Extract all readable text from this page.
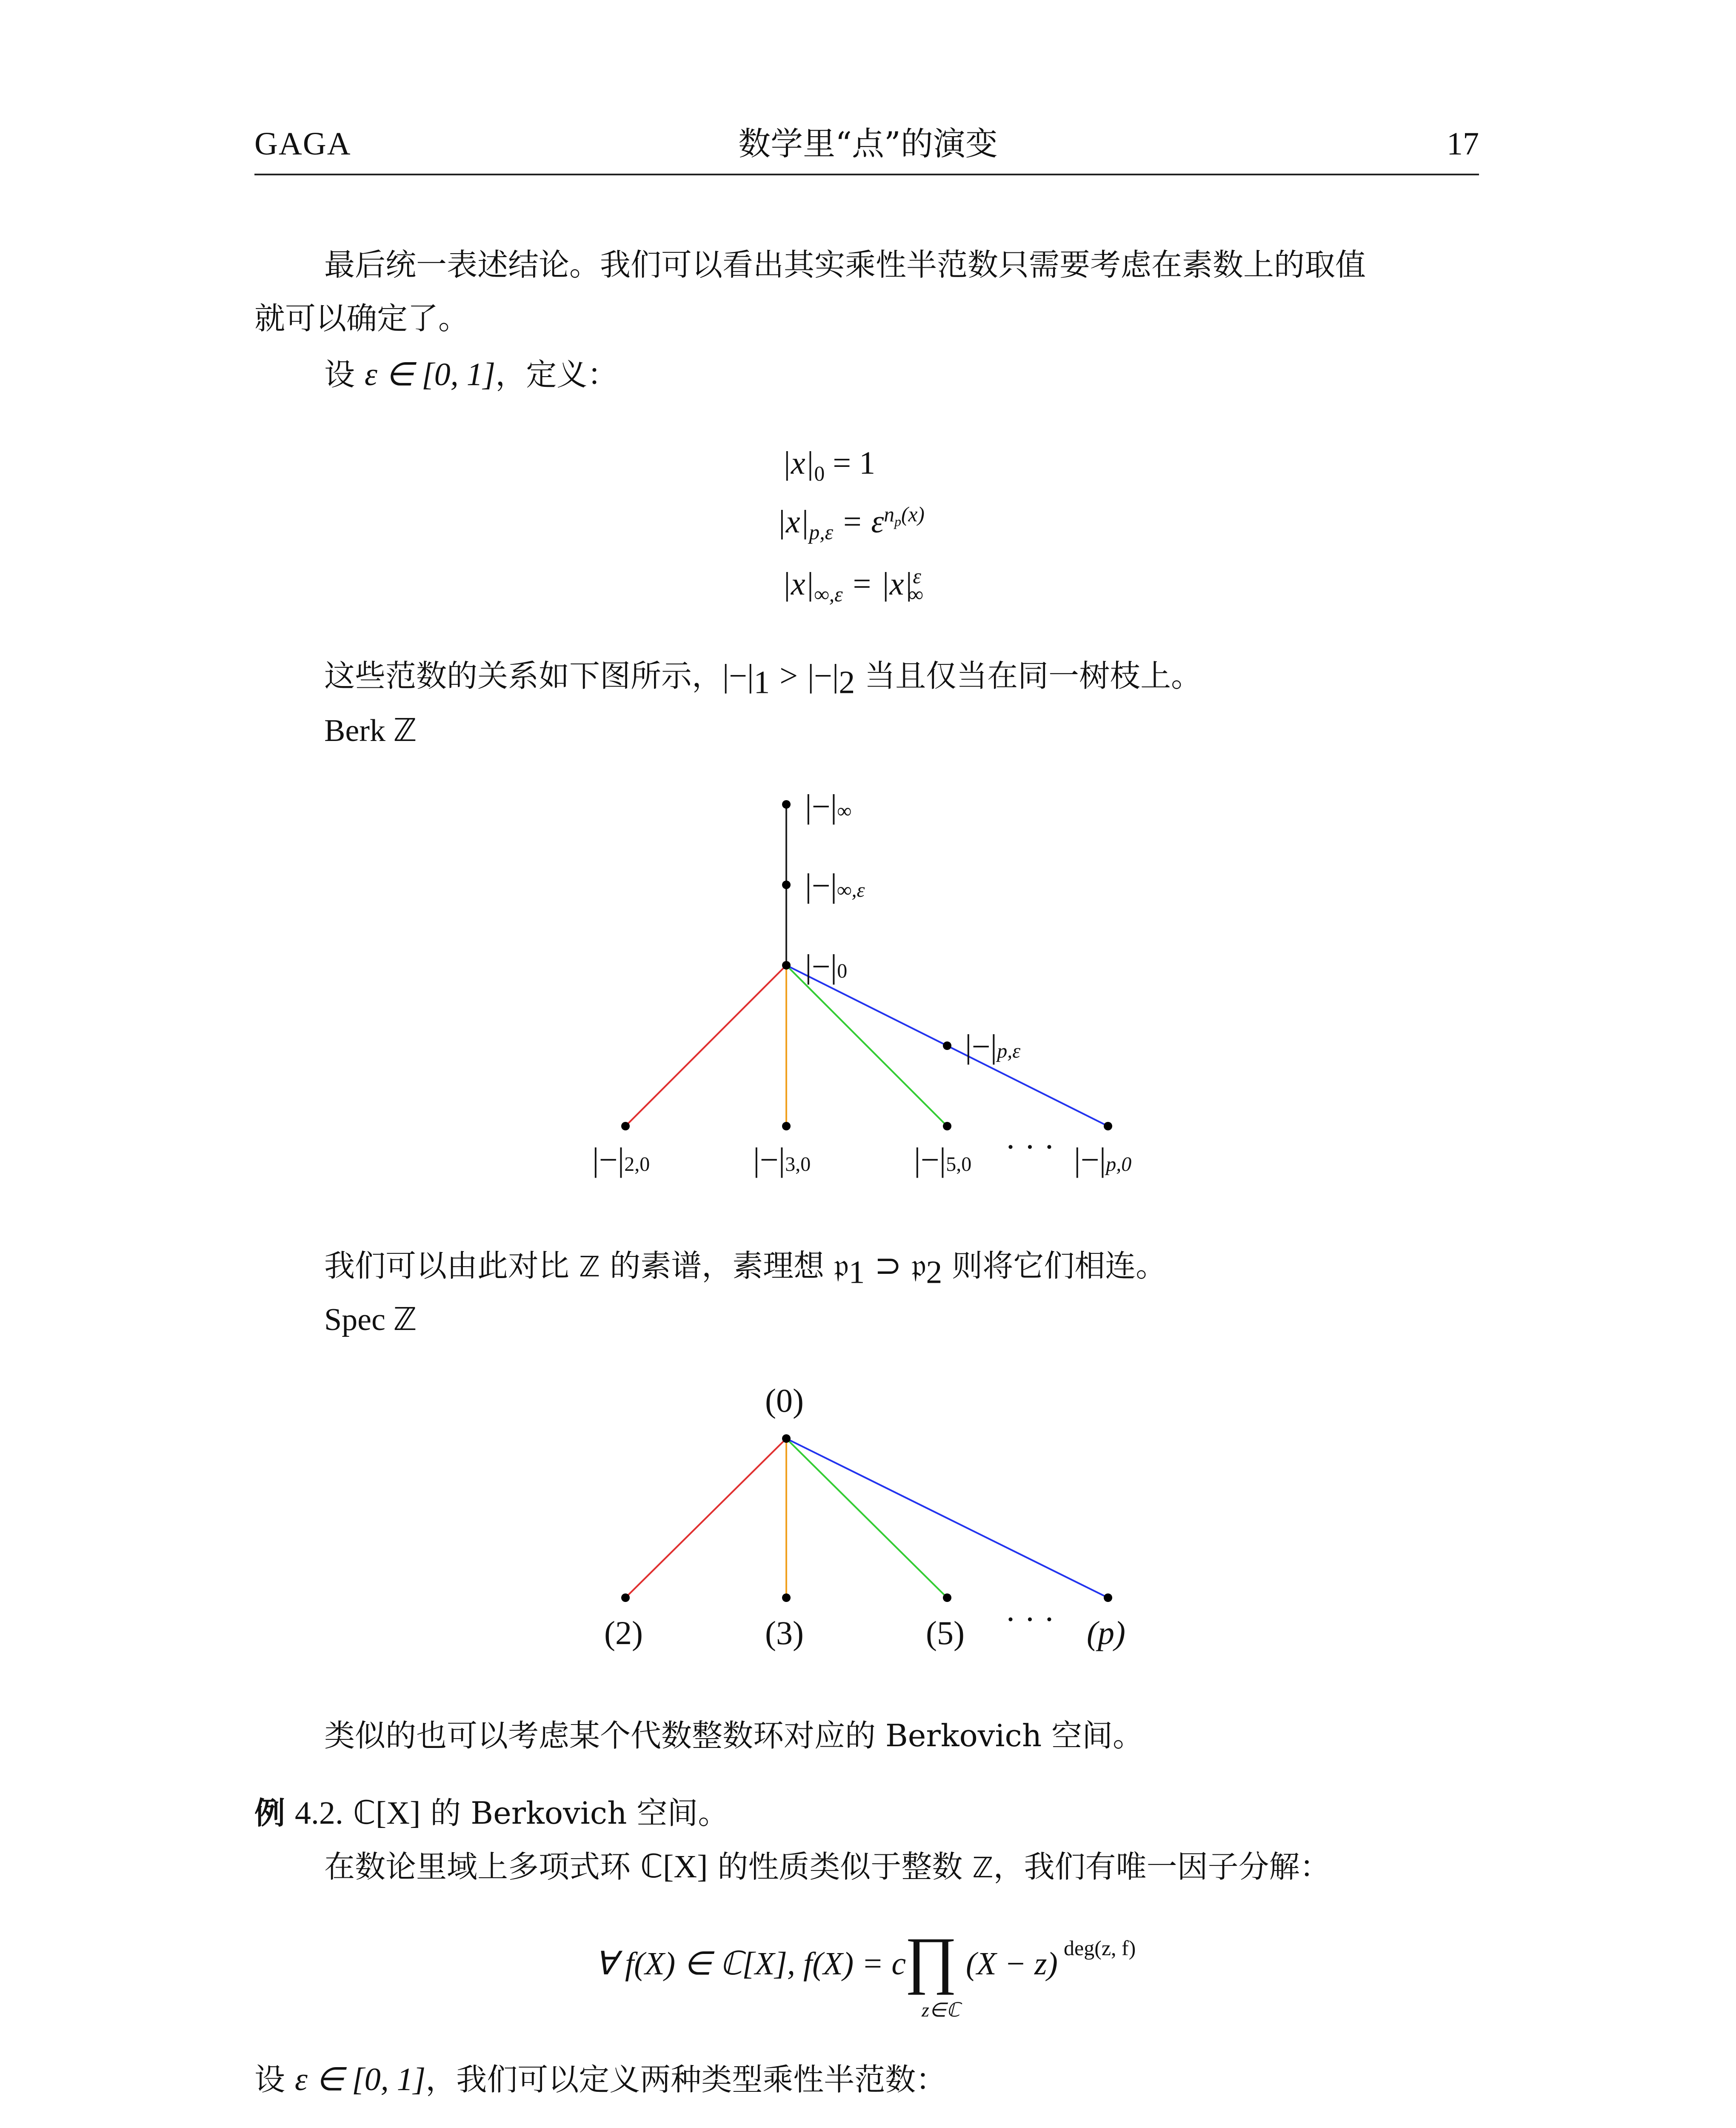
GAGA	数学里“点”的演变	17
最后统一表述结论。我们可以看出其实乘性半范数只需要考虑在素数上的取值
就可以确定了。
设 ε ∈ [0, 1]，定义：
$|x|_0 = 1$
$|x|_{p,\varepsilon} = \varepsilon^{n_p(x)}$
$|x|_{\infty,\varepsilon} = |x|^\varepsilon_\infty$
这些范数的关系如下图所示，$|-|_1 > |-|_2$ 当且仅当在同一树枝上。
Berk ℤ
|−|∞
|−|∞,ε
|−|0
|−|p,ε
|−|2,0	|−|3,0	|−|5,0 · · · |−|p,0
我们可以由此对比 ℤ 的素谱，素理想 𝔭$_1$ ⊃ 𝔭$_2$ 则将它们相连。
Spec ℤ
(0)
(2)	(3)	(5) · · · (p)
类似的也可以考虑某个代数整数环对应的 Berkovich 空间。
例 4.2. ℂ[X] 的 Berkovich 空间。
在数论里域上多项式环 ℂ[X] 的性质类似于整数 ℤ，我们有唯一因子分解：
∀ f(X) ∈ ℂ[X], f(X) = c
∏
z∈ℂ
(X − z) deg(z, f)
设 ε ∈ [0, 1]，我们可以定义两种类型乘性半范数：
